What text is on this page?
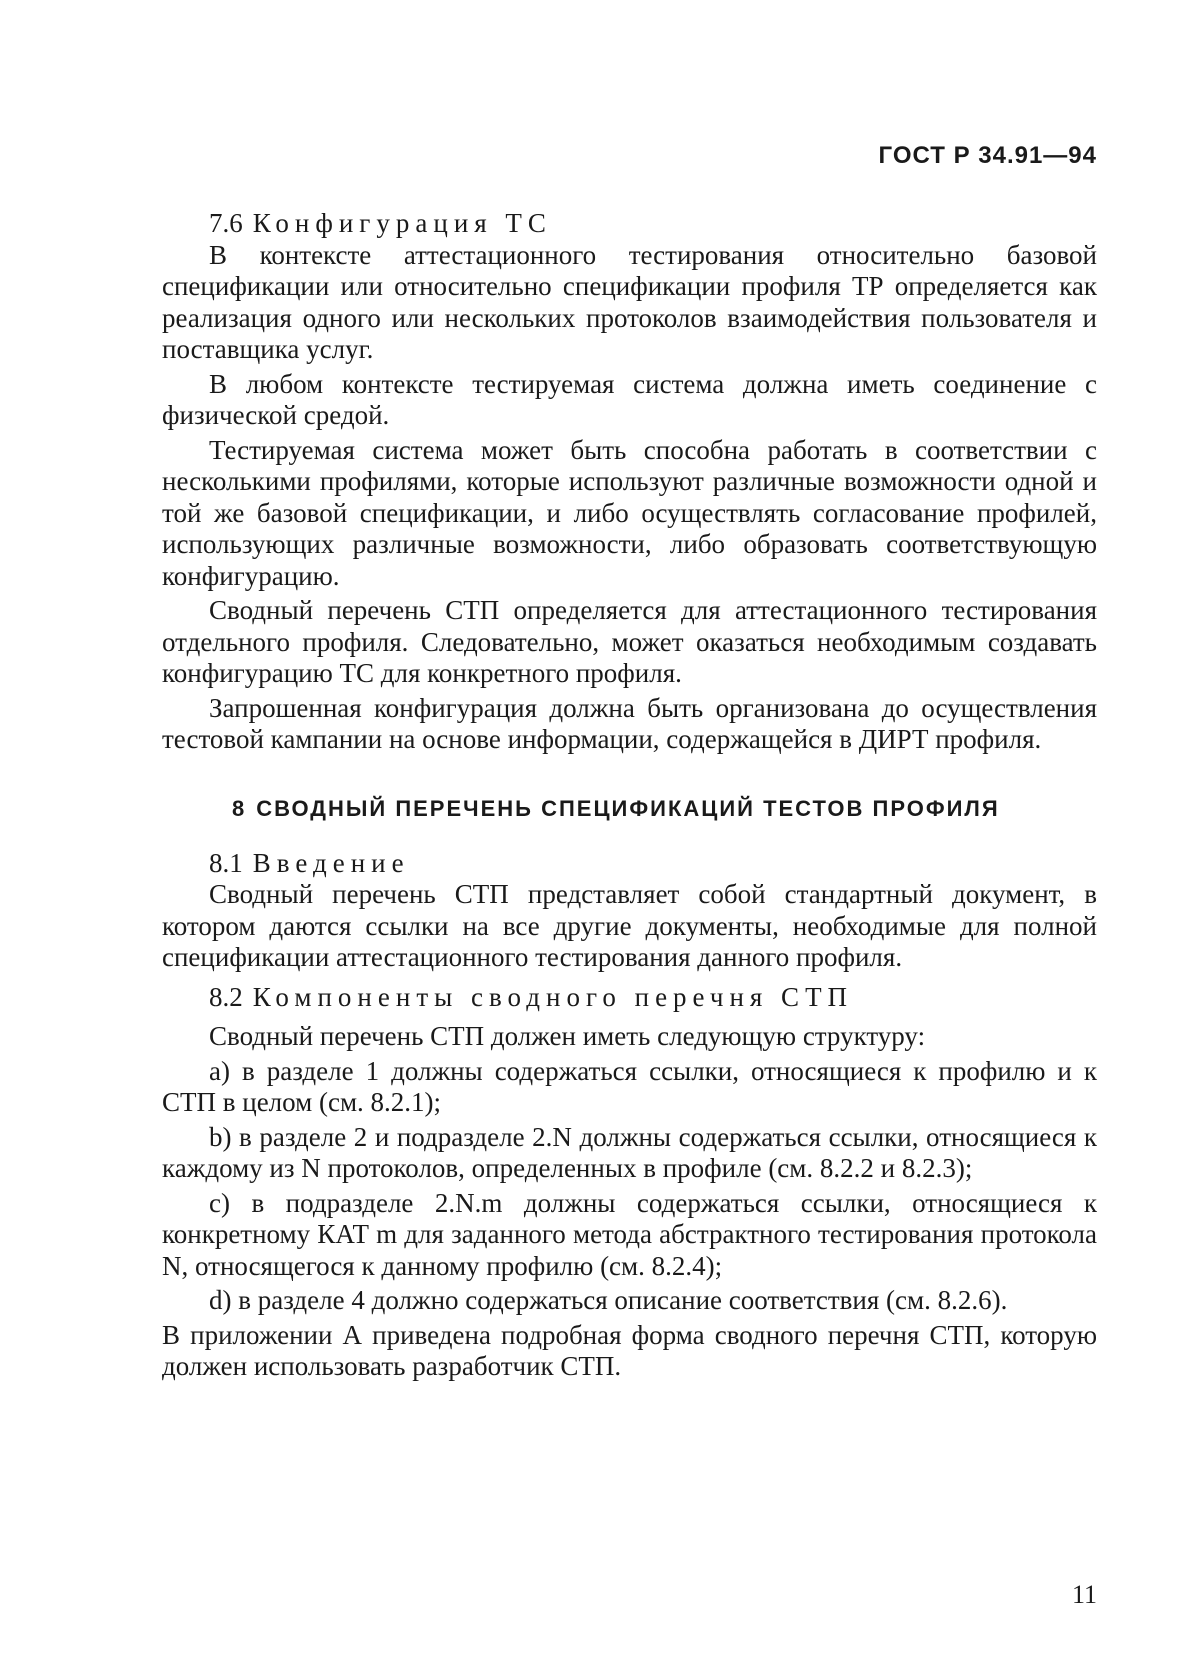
ГОСТ Р 34.91—94
7.6 Конфигурация ТС

В контексте аттестационного тестирования относительно базовой спецификации или относительно спецификации профиля ТР определяется как реализация одного или нескольких протоколов взаимодействия пользователя и поставщика услуг.

В любом контексте тестируемая система должна иметь соединение с физической средой.

Тестируемая система может быть способна работать в соответствии с несколькими профилями, которые используют различные возможности одной и той же базовой спецификации, и либо осуществлять согласование профилей, использующих различные возможности, либо образовать соответствующую конфигурацию.

Сводный перечень СТП определяется для аттестационного тестирования отдельного профиля. Следовательно, может оказаться необходимым создавать конфигурацию ТС для конкретного профиля.

Запрошенная конфигурация должна быть организована до осуществления тестовой кампании на основе информации, содержащейся в ДИРТ профиля.

8 СВОДНЫЙ ПЕРЕЧЕНЬ СПЕЦИФИКАЦИЙ ТЕСТОВ ПРОФИЛЯ
8.1 Введение

Сводный перечень СТП представляет собой стандартный документ, в котором даются ссылки на все другие документы, необходимые для полной спецификации аттестационного тестирования данного профиля.

8.2 Компоненты сводного перечня СТП

Сводный перечень СТП должен иметь следующую структуру:

a) в разделе 1 должны содержаться ссылки, относящиеся к профилю и к СТП в целом (см. 8.2.1);

b) в разделе 2 и подразделе 2.N должны содержаться ссылки, относящиеся к каждому из N протоколов, определенных в профиле (см. 8.2.2 и 8.2.3);

c) в подразделе 2.N.m должны содержаться ссылки, относящиеся к конкретному КАТ m для заданного метода абстрактного тестирования протокола N, относящегося к данному профилю (см. 8.2.4);

d) в разделе 4 должно содержаться описание соответствия (см. 8.2.6).

В приложении А приведена подробная форма сводного перечня СТП, которую должен использовать разработчик СТП.

11
